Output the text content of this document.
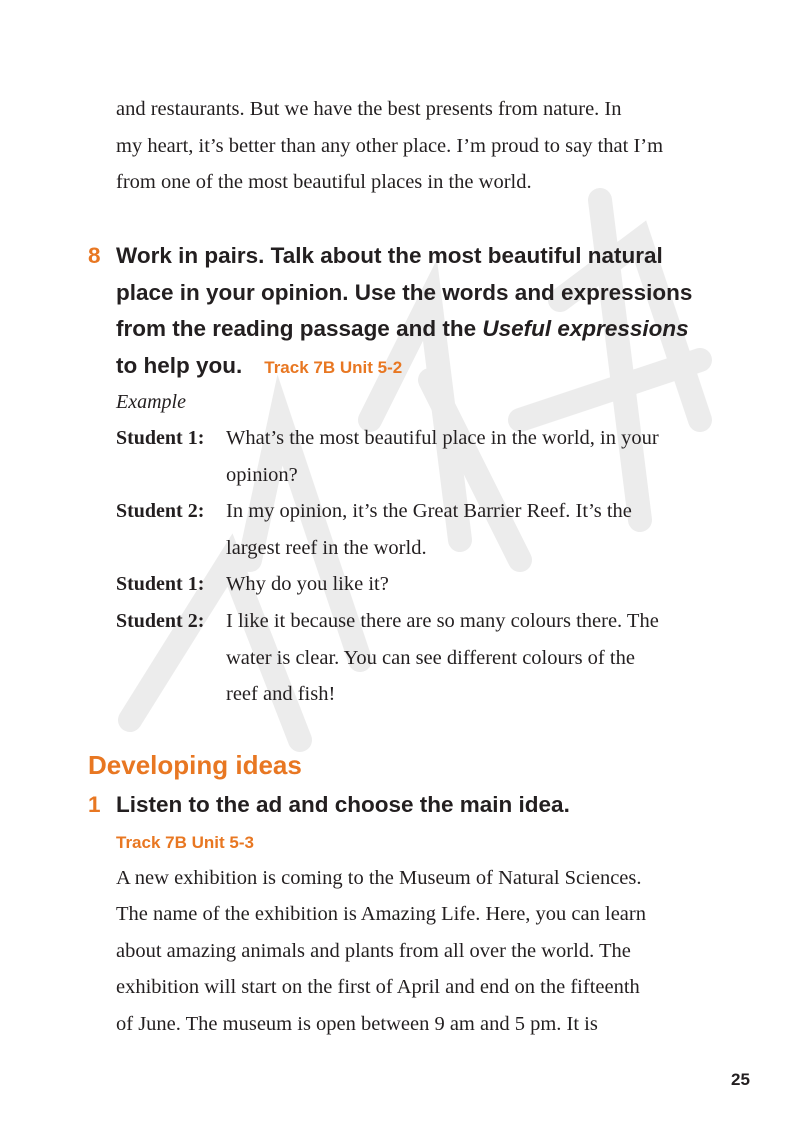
and restaurants. But we have the best presents from nature. In
my heart, it’s better than any other place. I’m proud to say that I’m
from one of the most beautiful places in the world.
8 Work in pairs. Talk about the most beautiful natural
place in your opinion. Use the words and expressions
from the reading passage and the Useful expressions
to help you. Track 7B Unit 5-2
Example
Student 1: What’s the most beautiful place in the world, in your
opinion?
Student 2: In my opinion, it’s the Great Barrier Reef. It’s the
largest reef in the world.
Student 1: Why do you like it?
Student 2: I like it because there are so many colours there. The
water is clear. You can see different colours of the
reef and fish!
Developing ideas
1 Listen to the ad and choose the main idea.
Track 7B Unit 5-3
A new exhibition is coming to the Museum of Natural Sciences.
The name of the exhibition is Amazing Life. Here, you can learn
about amazing animals and plants from all over the world. The
exhibition will start on the first of April and end on the fifteenth
of June. The museum is open between 9 am and 5 pm. It is
25
